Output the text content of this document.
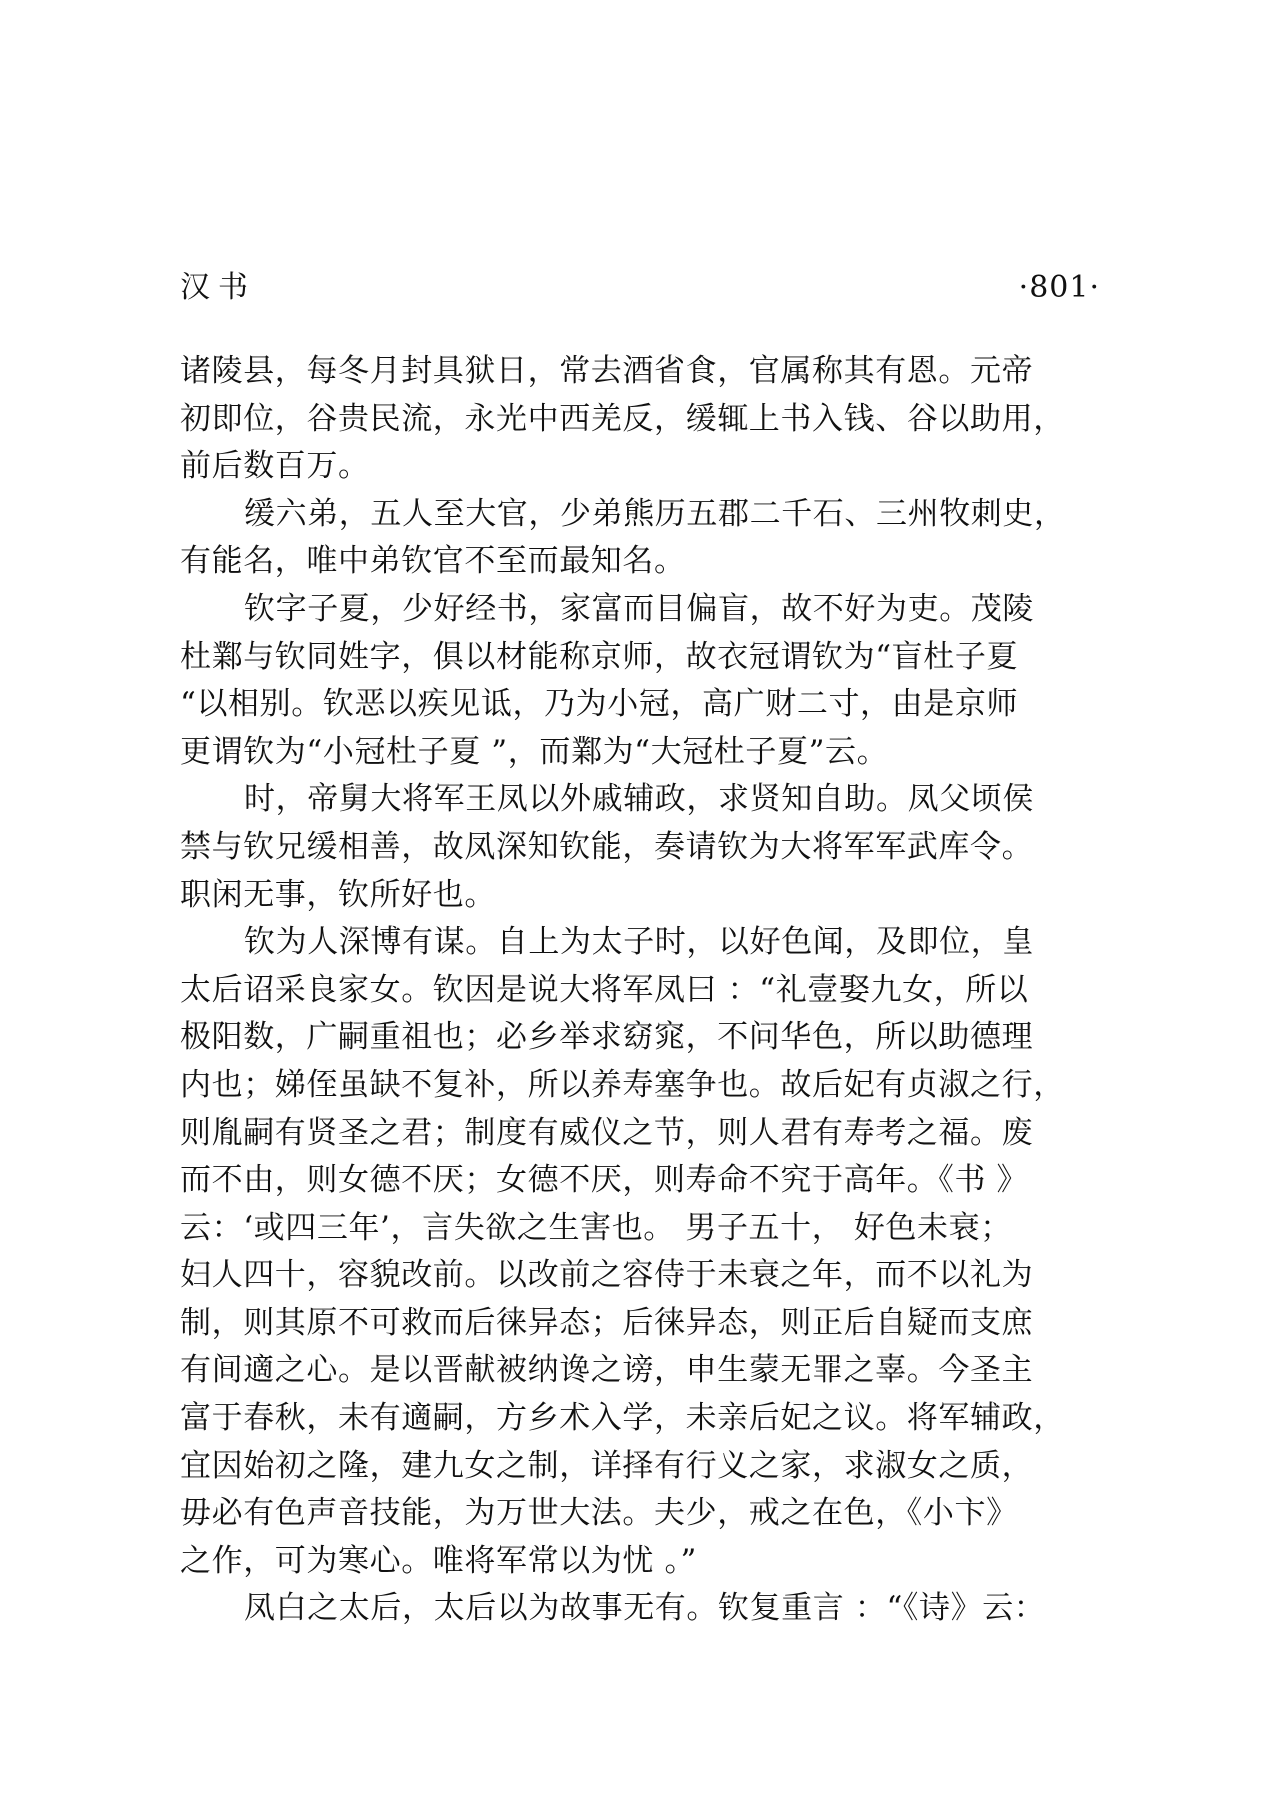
汉书	·801·
诸陵县，每冬月封具狱日，常去酒省食，官属称其有恩。元帝
初即位，谷贵民流，永光中西羌反，缓辄上书入钱、谷以助用，
前后数百万。
缓六弟，五人至大官，少弟熊历五郡二千石、三州牧刺史，
有能名，唯中弟钦官不至而最知名。
钦字子夏，少好经书，家富而目偏盲，故不好为吏。茂陵
杜鄴与钦同姓字，俱以材能称京师，故衣冠谓钦为“盲杜子夏
“以相别。钦恶以疾见诋，乃为小冠，高广财二寸，由是京师
更谓钦为“小冠杜子夏 ”，而鄴为“大冠杜子夏”云。
时，帝舅大将军王凤以外戚辅政，求贤知自助。凤父顷侯
禁与钦兄缓相善，故凤深知钦能，奏请钦为大将军军武库令。
职闲无事，钦所好也。
钦为人深博有谋。自上为太子时，以好色闻，及即位，皇
太后诏采良家女。钦因是说大将军凤曰 ：“礼壹娶九女，所以
极阳数，广嗣重祖也；必乡举求窈窕，不问华色，所以助德理
内也；娣侄虽缺不复补，所以养寿塞争也。故后妃有贞淑之行，
则胤嗣有贤圣之君；制度有威仪之节，则人君有寿考之福。废
而不由，则女德不厌；女德不厌，则寿命不究于高年。《书 》
云：‘或四三年’，言失欲之生害也。 男子五十， 好色未衰；
妇人四十，容貌改前。以改前之容侍于未衰之年，而不以礼为
制，则其原不可救而后徕异态；后徕异态，则正后自疑而支庶
有间適之心。是以晋献被纳谗之谤，申生蒙无罪之辜。今圣主
富于春秋，未有適嗣，方乡术入学，未亲后妃之议。将军辅政，
宜因始初之隆，建九女之制，详择有行义之家，求淑女之质，
毋必有色声音技能，为万世大法。夫少，戒之在色，《小卞》
之作，可为寒心。唯将军常以为忧 。”
凤白之太后，太后以为故事无有。钦复重言 ：“《诗》云：
